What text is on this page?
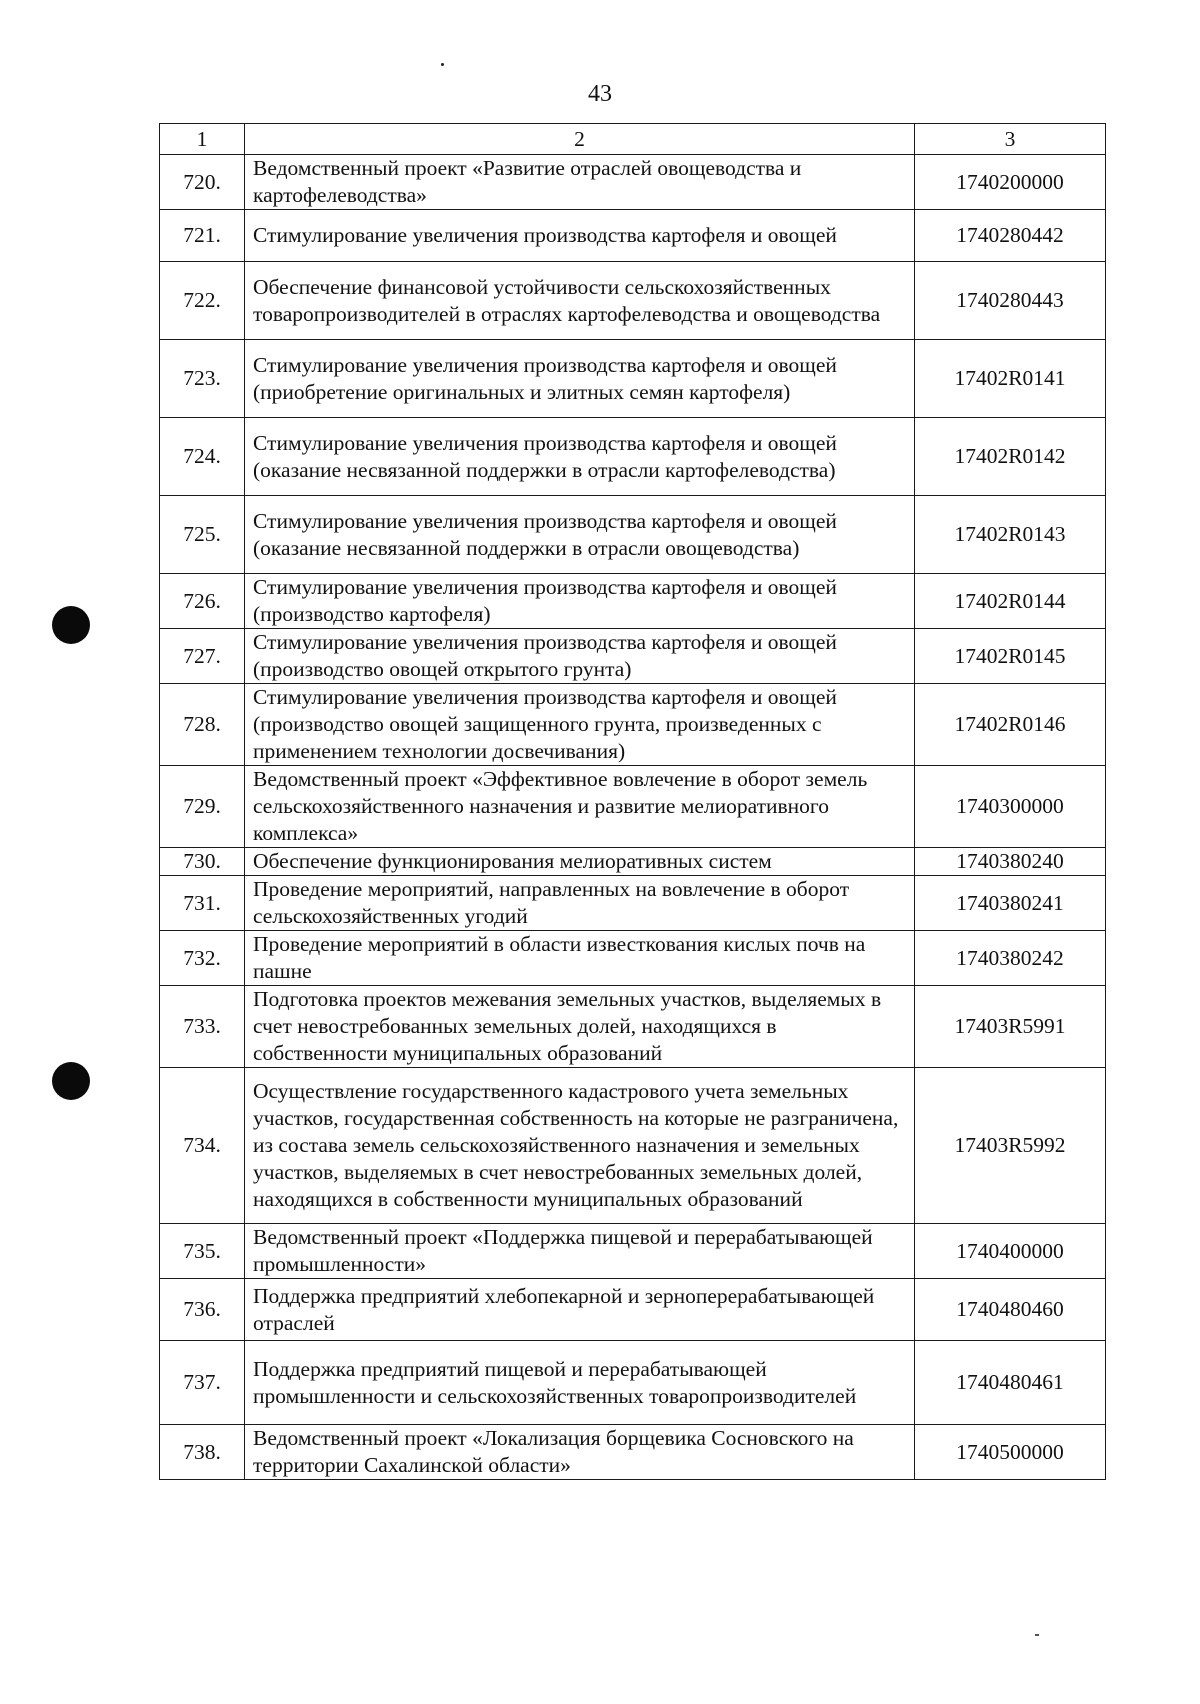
43
1	2	3
720.	Ведомственный проект «Развитие отраслей овощеводства и картофелеводства»	1740200000
721.	Стимулирование увеличения производства картофеля и овощей	1740280442
722.	Обеспечение финансовой устойчивости сельскохозяйственных товаропроизводителей в отраслях картофелеводства и овощеводства	1740280443
723.	Стимулирование увеличения производства картофеля и овощей (приобретение оригинальных и элитных семян картофеля)	17402R0141
724.	Стимулирование увеличения производства картофеля и овощей (оказание несвязанной поддержки в отрасли картофелеводства)	17402R0142
725.	Стимулирование увеличения производства картофеля и овощей (оказание несвязанной поддержки в отрасли овощеводства)	17402R0143
726.	Стимулирование увеличения производства картофеля и овощей (производство картофеля)	17402R0144
727.	Стимулирование увеличения производства картофеля и овощей (производство овощей открытого грунта)	17402R0145
728.	Стимулирование увеличения производства картофеля и овощей (производство овощей защищенного грунта, произведенных с применением технологии досвечивания)	17402R0146
729.	Ведомственный проект «Эффективное вовлечение в оборот земель сельскохозяйственного назначения и развитие мелиоративного комплекса»	1740300000
730.	Обеспечение функционирования мелиоративных систем	1740380240
731.	Проведение мероприятий, направленных на вовлечение в оборот сельскохозяйственных угодий	1740380241
732.	Проведение мероприятий в области известкования кислых почв на пашне	1740380242
733.	Подготовка проектов межевания земельных участков, выделяемых в счет невостребованных земельных долей, находящихся в собственности муниципальных образований	17403R5991
734.	Осуществление государственного кадастрового учета земельных участков, государственная собственность на которые не разграничена, из состава земель сельскохозяйственного назначения и земельных участков, выделяемых в счет невостребованных земельных долей, находящихся в собственности муниципальных образований	17403R5992
735.	Ведомственный проект «Поддержка пищевой и перерабатывающей промышленности»	1740400000
736.	Поддержка предприятий хлебопекарной и зерноперерабатывающей отраслей	1740480460
737.	Поддержка предприятий пищевой и перерабатывающей промышленности и сельскохозяйственных товаропроизводителей	1740480461
738.	Ведомственный проект «Локализация борщевика Сосновского на территории Сахалинской области»	1740500000
